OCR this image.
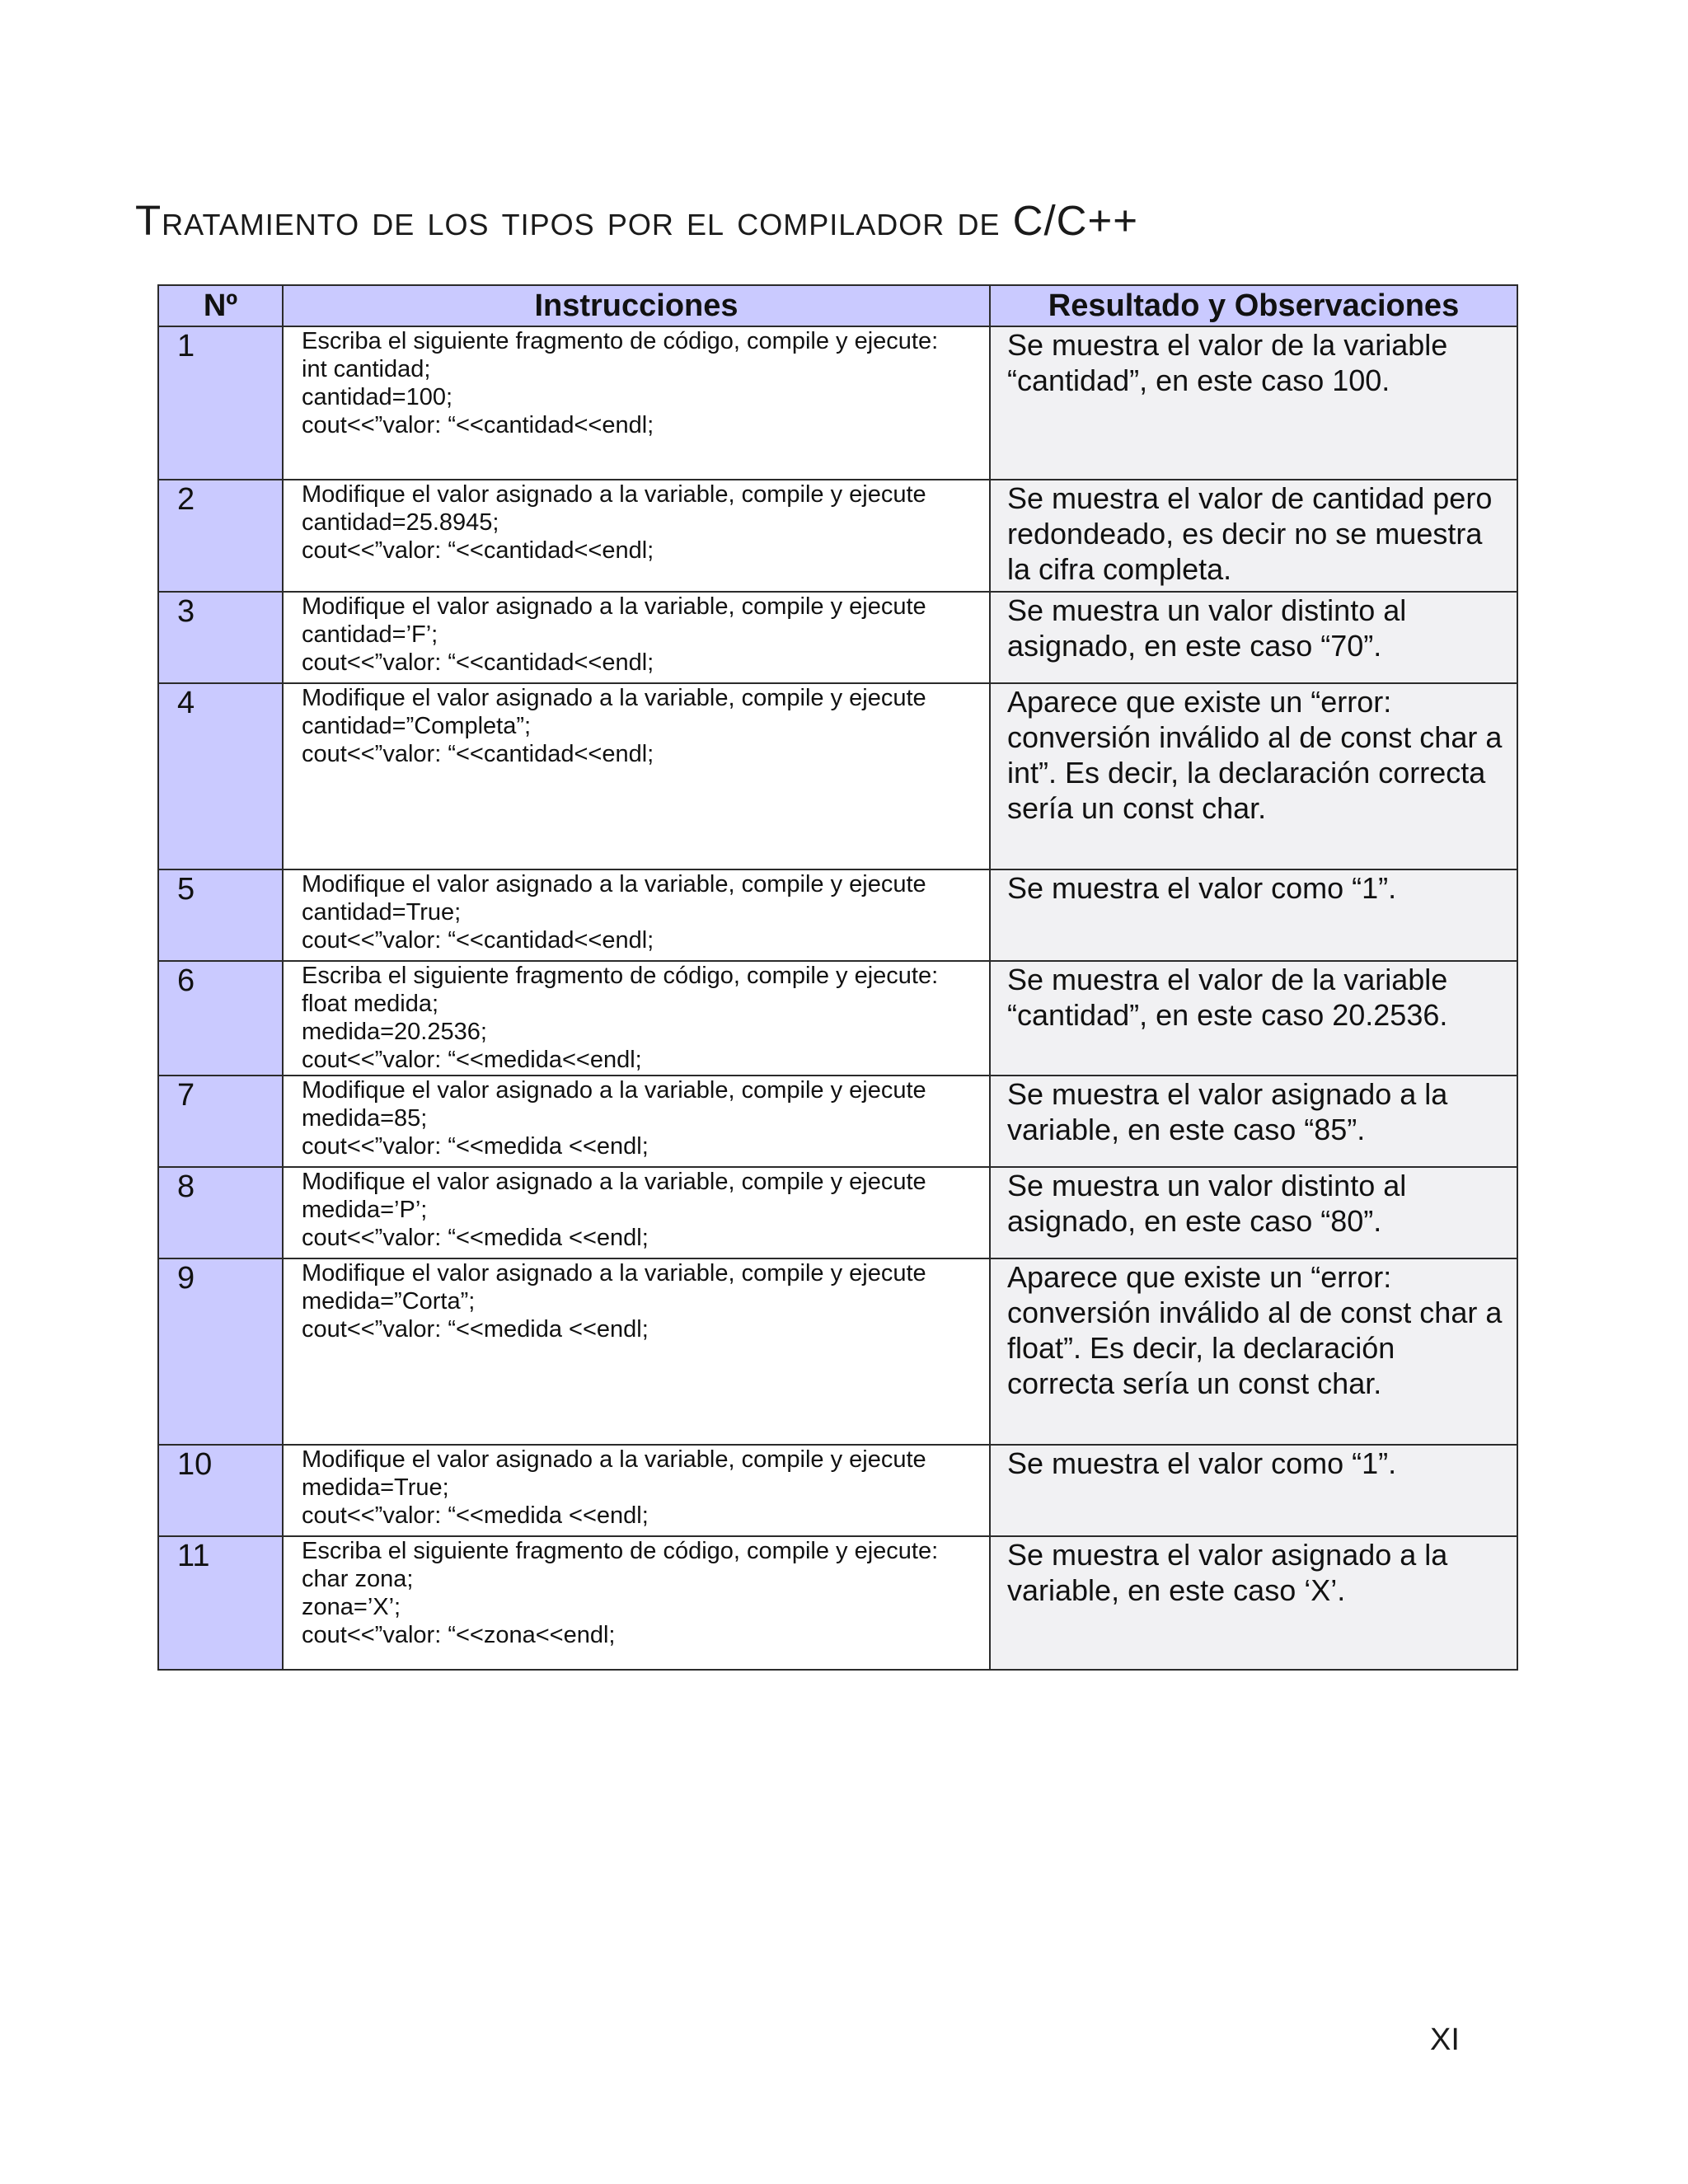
Tratamiento de los tipos por el compilador de C/C++
Nº	Instrucciones	Resultado y Observaciones
1	Escriba el siguiente fragmento de código, compile y ejecute:
int cantidad;
cantidad=100;
cout<<”valor: “<<cantidad<<endl;	Se muestra el valor de la variable “cantidad”, en este caso 100.
2	Modifique el valor asignado a la variable, compile y ejecute
cantidad=25.8945;
cout<<”valor: “<<cantidad<<endl;	Se muestra el valor de cantidad pero redondeado, es decir no se muestra la cifra completa.
3	Modifique el valor asignado a la variable, compile y ejecute
cantidad=’F’;
cout<<”valor: “<<cantidad<<endl;	Se muestra un valor distinto al asignado, en este caso “70”.
4	Modifique el valor asignado a la variable, compile y ejecute
cantidad=”Completa”;
cout<<”valor: “<<cantidad<<endl;	Aparece que existe un “error: conversión inválido al de const char a int”. Es decir, la declaración correcta sería un const char.
5	Modifique el valor asignado a la variable, compile y ejecute
cantidad=True;
cout<<”valor: “<<cantidad<<endl;	Se muestra el valor como “1”.
6	Escriba el siguiente fragmento de código, compile y ejecute:
float medida;
medida=20.2536;
cout<<”valor: “<<medida<<endl;	Se muestra el valor de la variable “cantidad”, en este caso 20.2536.
7	Modifique el valor asignado a la variable, compile y ejecute
medida=85;
cout<<”valor: “<<medida <<endl;	Se muestra el valor asignado a la variable, en este caso “85”.
8	Modifique el valor asignado a la variable, compile y ejecute
medida=’P’;
cout<<”valor: “<<medida <<endl;	Se muestra un valor distinto al asignado, en este caso “80”.
9	Modifique el valor asignado a la variable, compile y ejecute
medida=”Corta”;
cout<<”valor: “<<medida <<endl;	Aparece que existe un “error: conversión inválido al de const char a float”. Es decir, la declaración correcta sería un const char.
10	Modifique el valor asignado a la variable, compile y ejecute
medida=True;
cout<<”valor: “<<medida <<endl;	Se muestra el valor como “1”.
11	Escriba el siguiente fragmento de código, compile y ejecute:
char zona;
zona=’X’;
cout<<”valor: “<<zona<<endl;	Se muestra el valor asignado a la variable, en este caso ‘X’.
XI
